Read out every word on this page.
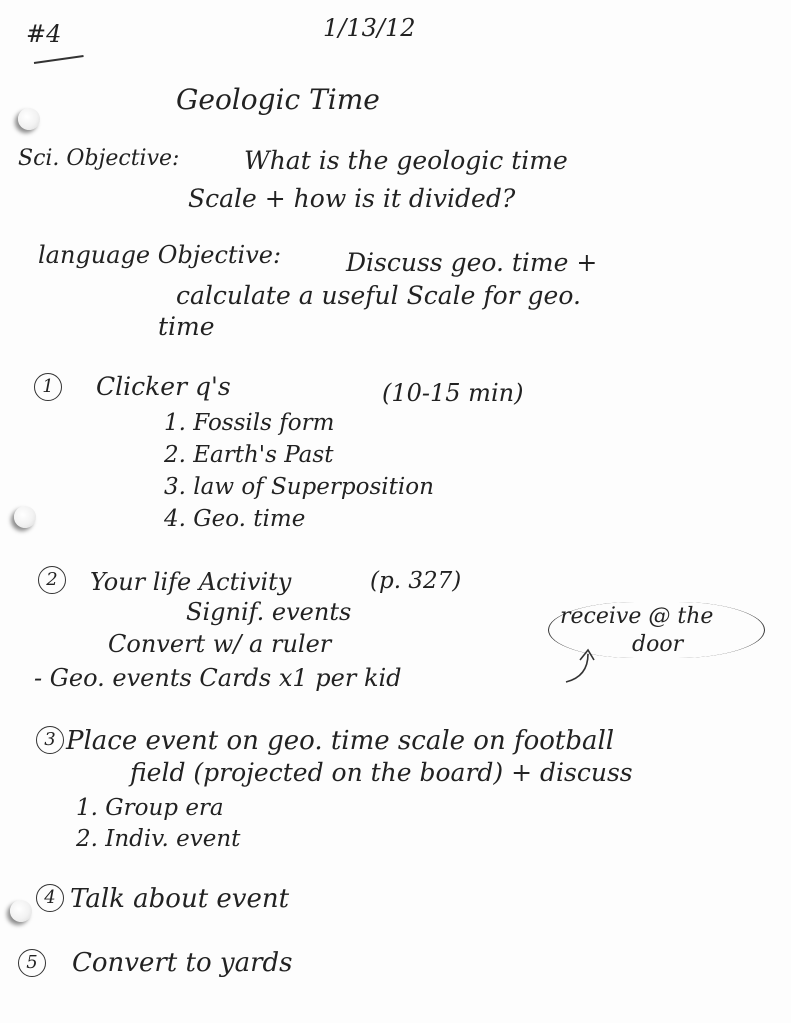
#4	1/13/12
Geologic Time
Sci. Objective:	What is the geologic time
Scale + how is it divided?
language Objective:	Discuss geo. time +
calculate a useful Scale for geo.
time
1	Clicker q's	(10-15 min)
1. Fossils form
2. Earth's Past
3. law of Superposition
4. Geo. time
2	Your life Activity	(p. 327)
Signif. events
Convert w/ a ruler
- Geo. events Cards x1 per kid
receive @ the
door
3 Place event on geo. time scale on football
field (projected on the board) + discuss
1. Group era
2. Indiv. event
4 Talk about event
5	Convert to yards
